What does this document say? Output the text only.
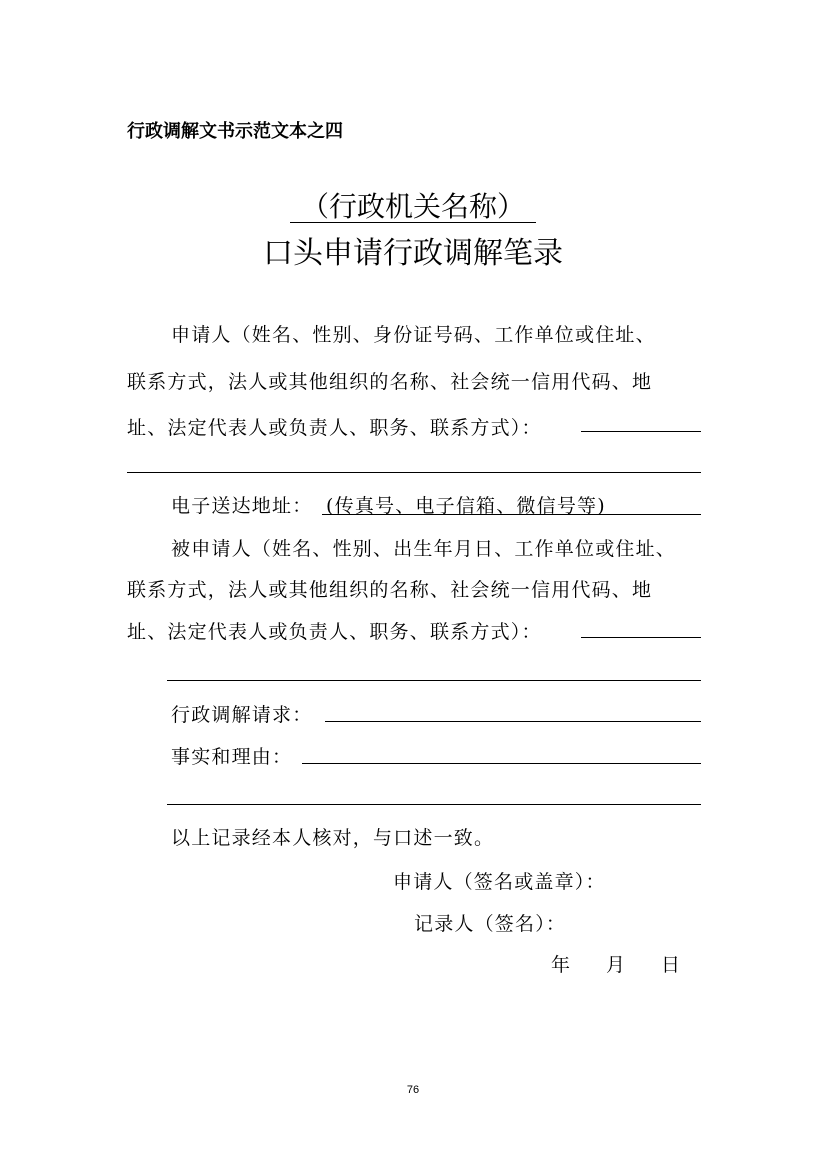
行政调解文书示范文本之四
（行政机关名称）
口头申请行政调解笔录
申请人（姓名、性别、身份证号码、工作单位或住址、
联系方式，法人或其他组织的名称、社会统一信用代码、地
址、法定代表人或负责人、职务、联系方式）：
电子送达地址： (传真号、电子信箱、微信号等)
被申请人（姓名、性别、出生年月日、工作单位或住址、
联系方式，法人或其他组织的名称、社会统一信用代码、地
址、法定代表人或负责人、职务、联系方式）：
行政调解请求：
事实和理由：
以上记录经本人核对，与口述一致。
申请人（签名或盖章）：
记录人（签名）：
年 月 日
76
